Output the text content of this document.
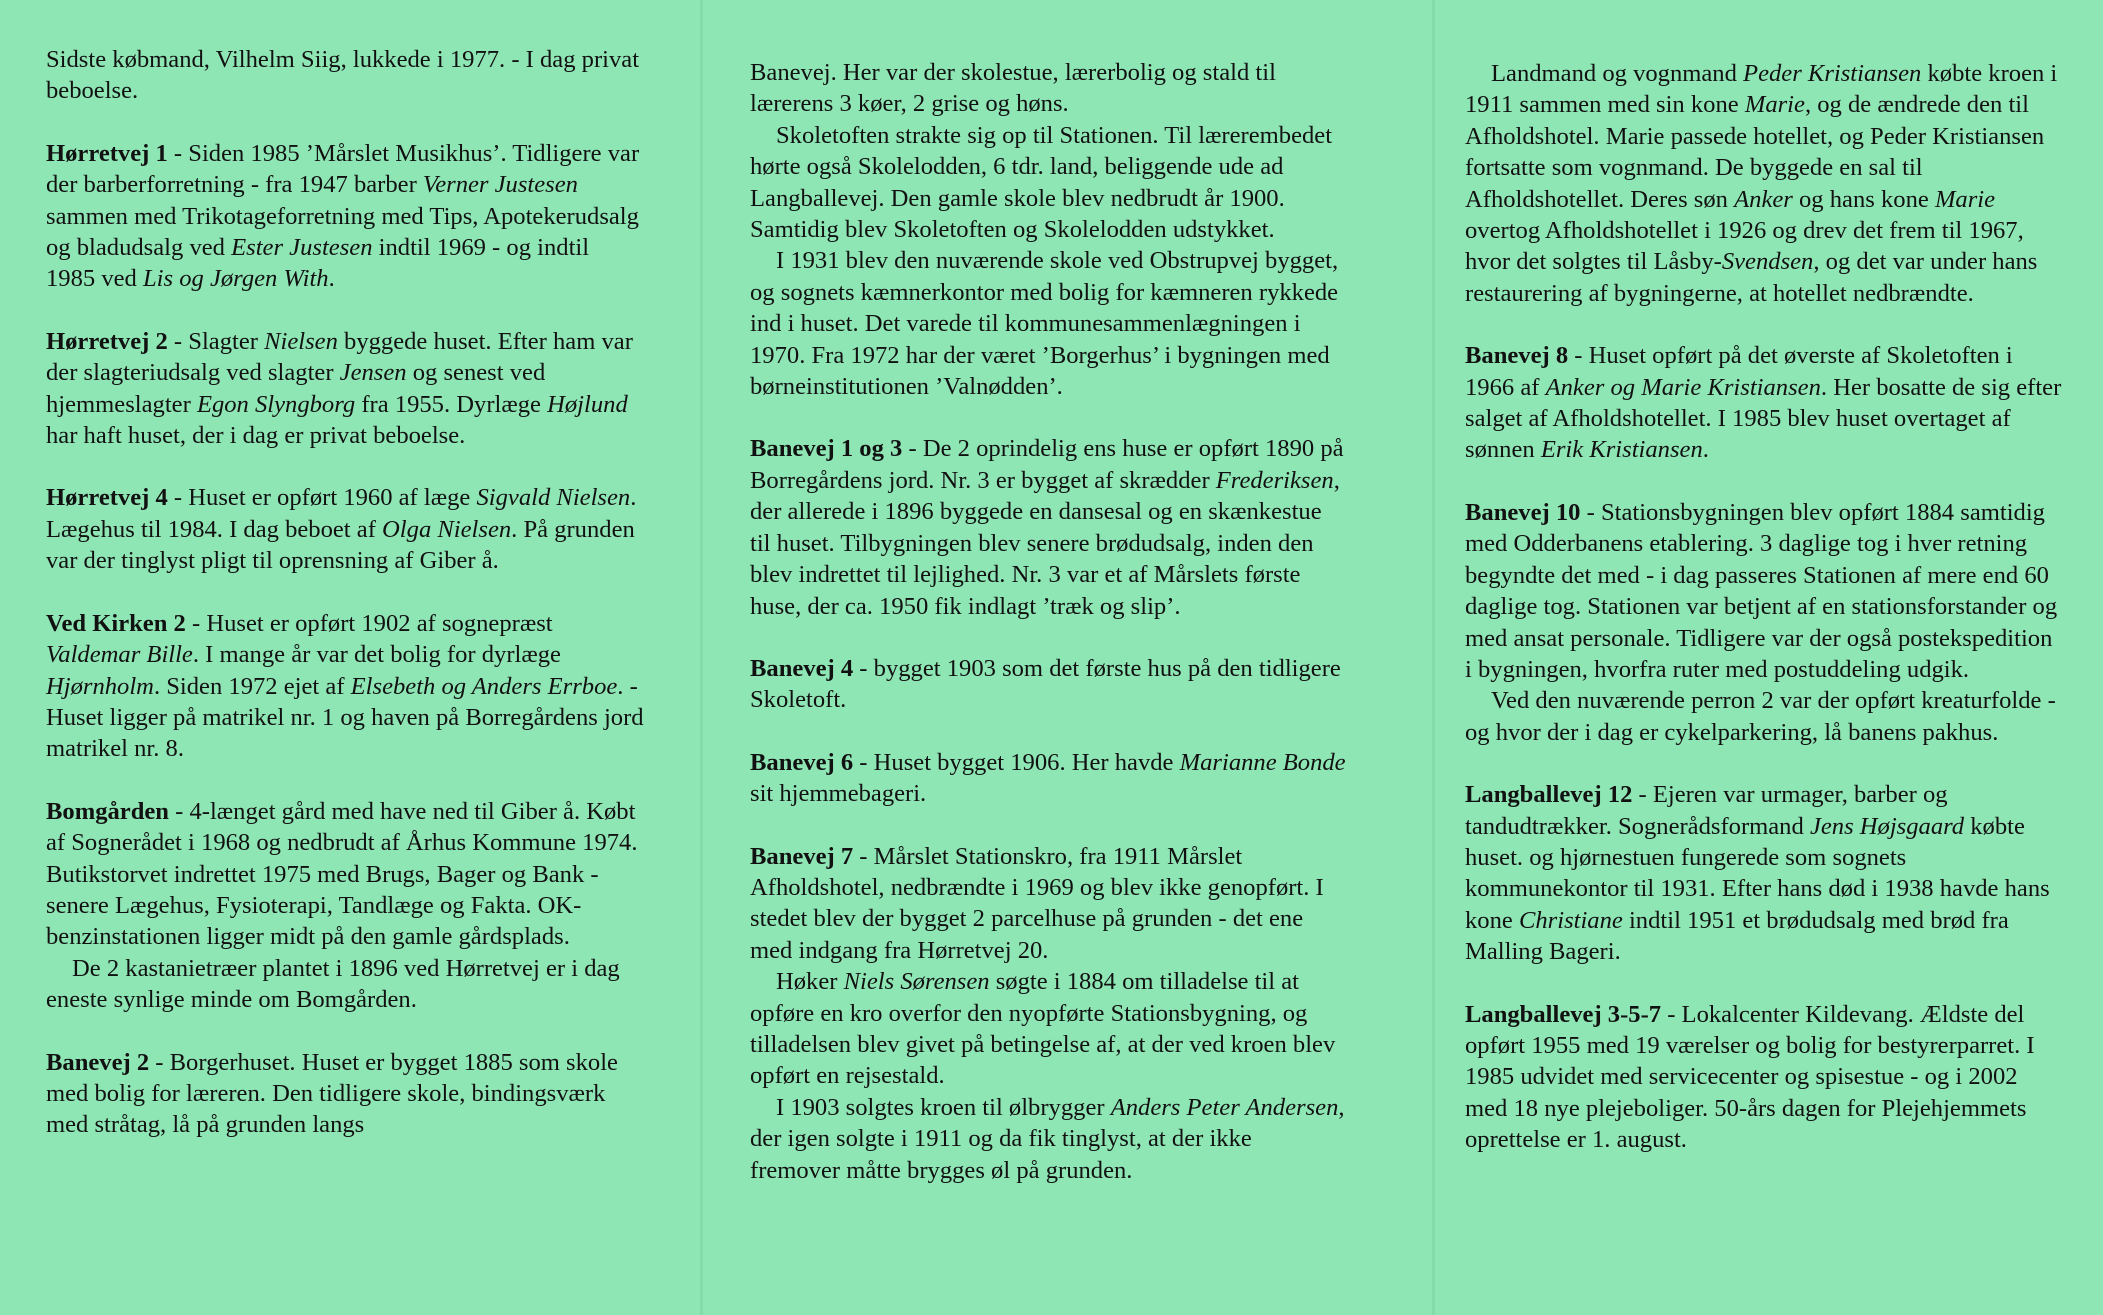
Sidste købmand, Vilhelm Siig, lukkede i 1977. - I dag privat beboelse.

Hørretvej 1 - Siden 1985 ’Mårslet Musikhus’. Tidligere var der barberforretning - fra 1947 barber Verner Justesen sammen med Trikotageforretning med Tips, Apotekerudsalg og bladudsalg ved Ester Justesen indtil 1969 - og indtil 1985 ved Lis og Jørgen With.

Hørretvej 2 - Slagter Nielsen byggede huset. Efter ham var der slagteriudsalg ved slagter Jensen og senest ved hjemmeslagter Egon Slyngborg fra 1955. Dyrlæge Højlund har haft huset, der i dag er privat beboelse.

Hørretvej 4 - Huset er opført 1960 af læge Sigvald Nielsen. Lægehus til 1984. I dag beboet af Olga Nielsen. På grunden var der tinglyst pligt til oprensning af Giber å.

Ved Kirken 2 - Huset er opført 1902 af sognepræst Valdemar Bille. I mange år var det bolig for dyrlæge Hjørnholm. Siden 1972 ejet af Elsebeth og Anders Errboe. - Huset ligger på matrikel nr. 1 og haven på Borregårdens jord matrikel nr. 8.

Bomgården - 4-længet gård med have ned til Giber å. Købt af Sognerådet i 1968 og nedbrudt af Århus Kommune 1974. Butikstorvet indrettet 1975 med Brugs, Bager og Bank - senere Lægehus, Fysioterapi, Tandlæge og Fakta. OK-benzinstationen ligger midt på den gamle gårdsplads.

De 2 kastanietræer plantet i 1896 ved Hørretvej er i dag eneste synlige minde om Bomgården.

Banevej 2 - Borgerhuset. Huset er bygget 1885 som skole med bolig for læreren. Den tidligere skole, bindingsværk med stråtag, lå på grunden langs

Banevej. Her var der skolestue, lærerbolig og stald til lærerens 3 køer, 2 grise og høns.

Skoletoften strakte sig op til Stationen. Til lærerembedet hørte også Skolelodden, 6 tdr. land, beliggende ude ad Langballevej. Den gamle skole blev nedbrudt år 1900. Samtidig blev Skoletoften og Skolelodden udstykket.

I 1931 blev den nuværende skole ved Obstrupvej bygget, og sognets kæmnerkontor med bolig for kæmneren rykkede ind i huset. Det varede til kommunesammenlægningen i 1970. Fra 1972 har der været ’Borgerhus’ i bygningen med børneinstitutionen ’Valnødden’.

Banevej 1 og 3 - De 2 oprindelig ens huse er opført 1890 på Borregårdens jord. Nr. 3 er bygget af skrædder Frederiksen, der allerede i 1896 byggede en dansesal og en skænkestue til huset. Tilbygningen blev senere brødudsalg, inden den blev indrettet til lejlighed. Nr. 3 var et af Mårslets første huse, der ca. 1950 fik indlagt ’træk og slip’.

Banevej 4 - bygget 1903 som det første hus på den tidligere Skoletoft.

Banevej 6 - Huset bygget 1906. Her havde Marianne Bonde sit hjemmebageri.

Banevej 7 - Mårslet Stationskro, fra 1911 Mårslet Afholdshotel, nedbrændte i 1969 og blev ikke genopført. I stedet blev der bygget 2 parcelhuse på grunden - det ene med indgang fra Hørretvej 20.

Høker Niels Sørensen søgte i 1884 om tilladelse til at opføre en kro overfor den nyopførte Stationsbygning, og tilladelsen blev givet på betingelse af, at der ved kroen blev opført en rejsestald.

I 1903 solgtes kroen til ølbrygger Anders Peter Andersen, der igen solgte i 1911 og da fik tinglyst, at der ikke fremover måtte brygges øl på grunden.

Landmand og vognmand Peder Kristiansen købte kroen i 1911 sammen med sin kone Marie, og de ændrede den til Afholdshotel. Marie passede hotellet, og Peder Kristiansen fortsatte som vognmand. De byggede en sal til Afholdshotellet. Deres søn Anker og hans kone Marie overtog Afholdshotellet i 1926 og drev det frem til 1967, hvor det solgtes til Låsby-Svendsen, og det var under hans restaurering af bygningerne, at hotellet nedbrændte.

Banevej 8 - Huset opført på det øverste af Skoletoften i 1966 af Anker og Marie Kristiansen. Her bosatte de sig efter salget af Afholdshotellet. I 1985 blev huset overtaget af sønnen Erik Kristiansen.

Banevej 10 - Stationsbygningen blev opført 1884 samtidig med Odderbanens etablering. 3 daglige tog i hver retning begyndte det med - i dag passeres Stationen af mere end 60 daglige tog. Stationen var betjent af en stationsforstander og med ansat personale. Tidligere var der også postekspedition i bygningen, hvorfra ruter med postuddeling udgik.

Ved den nuværende perron 2 var der opført kreaturfolde - og hvor der i dag er cykelparkering, lå banens pakhus.

Langballevej 12 - Ejeren var urmager, barber og tandudtrækker. Sognerådsformand Jens Højsgaard købte huset. og hjørnestuen fungerede som sognets kommunekontor til 1931. Efter hans død i 1938 havde hans kone Christiane indtil 1951 et brødudsalg med brød fra Malling Bageri.

Langballevej 3-5-7 - Lokalcenter Kildevang. Ældste del opført 1955 med 19 værelser og bolig for bestyrerparret. I 1985 udvidet med servicecenter og spisestue - og i 2002 med 18 nye plejeboliger. 50-års dagen for Plejehjemmets oprettelse er 1. august.
